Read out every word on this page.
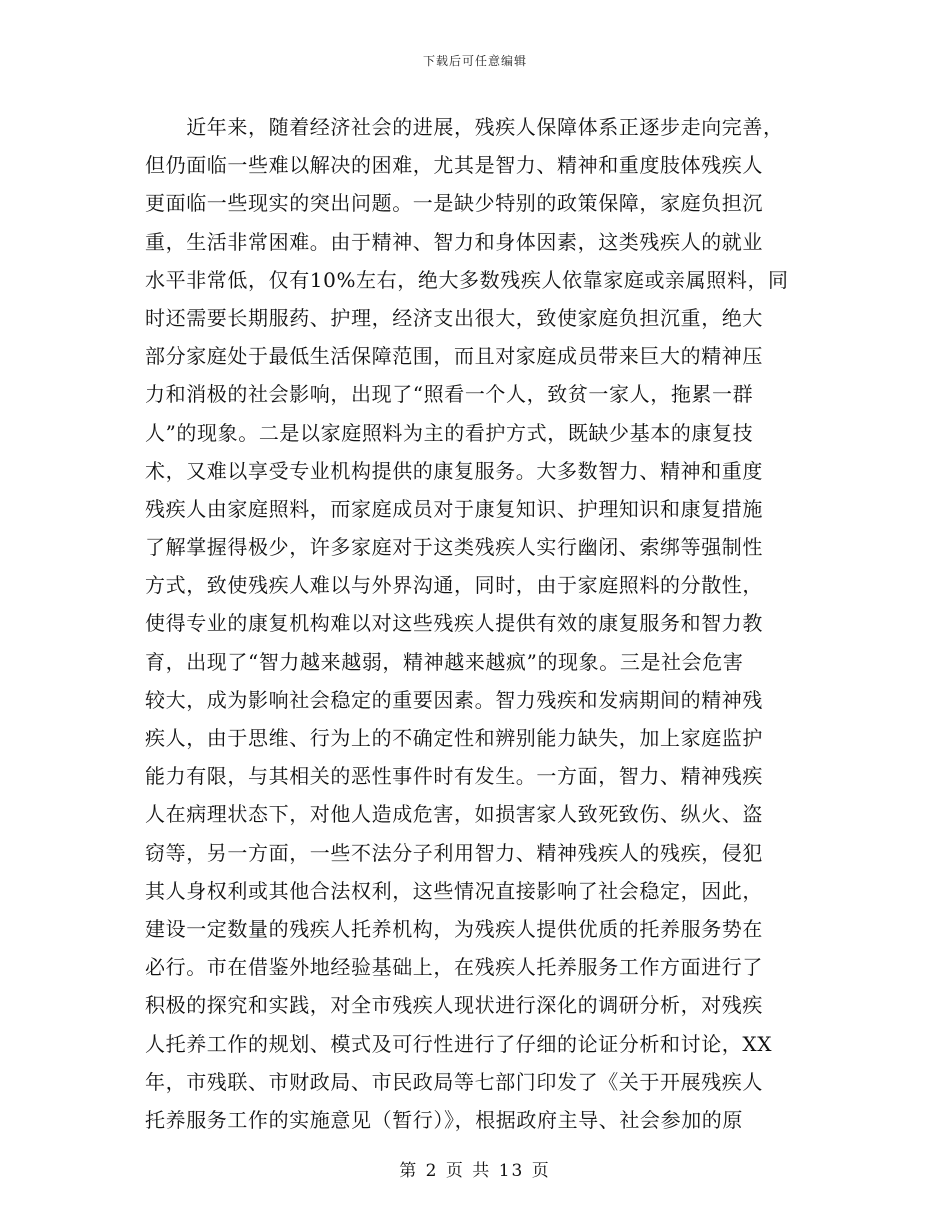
下载后可任意编辑
　　近年来，随着经济社会的进展，残疾人保障体系正逐步走向完善，
但仍面临一些难以解决的困难，尤其是智力、精神和重度肢体残疾人
更面临一些现实的突出问题。一是缺少特别的政策保障，家庭负担沉
重，生活非常困难。由于精神、智力和身体因素，这类残疾人的就业
水平非常低，仅有10%左右，绝大多数残疾人依靠家庭或亲属照料，同
时还需要长期服药、护理，经济支出很大，致使家庭负担沉重，绝大
部分家庭处于最低生活保障范围，而且对家庭成员带来巨大的精神压
力和消极的社会影响，出现了“照看一个人，致贫一家人，拖累一群
人”的现象。二是以家庭照料为主的看护方式，既缺少基本的康复技
术，又难以享受专业机构提供的康复服务。大多数智力、精神和重度
残疾人由家庭照料，而家庭成员对于康复知识、护理知识和康复措施
了解掌握得极少，许多家庭对于这类残疾人实行幽闭、索绑等强制性
方式，致使残疾人难以与外界沟通，同时，由于家庭照料的分散性，
使得专业的康复机构难以对这些残疾人提供有效的康复服务和智力教
育，出现了“智力越来越弱，精神越来越疯”的现象。三是社会危害
较大，成为影响社会稳定的重要因素。智力残疾和发病期间的精神残
疾人，由于思维、行为上的不确定性和辨别能力缺失，加上家庭监护
能力有限，与其相关的恶性事件时有发生。一方面，智力、精神残疾
人在病理状态下，对他人造成危害，如损害家人致死致伤、纵火、盗
窃等，另一方面，一些不法分子利用智力、精神残疾人的残疾，侵犯
其人身权利或其他合法权利，这些情况直接影响了社会稳定，因此，
建设一定数量的残疾人托养机构，为残疾人提供优质的托养服务势在
必行。市在借鉴外地经验基础上，在残疾人托养服务工作方面进行了
积极的探究和实践，对全市残疾人现状进行深化的调研分析，对残疾
人托养工作的规划、模式及可行性进行了仔细的论证分析和讨论，XX
年，市残联、市财政局、市民政局等七部门印发了《关于开展残疾人
托养服务工作的实施意见（暂行）》，根据政府主导、社会参加的原
第 2 页 共 13 页
